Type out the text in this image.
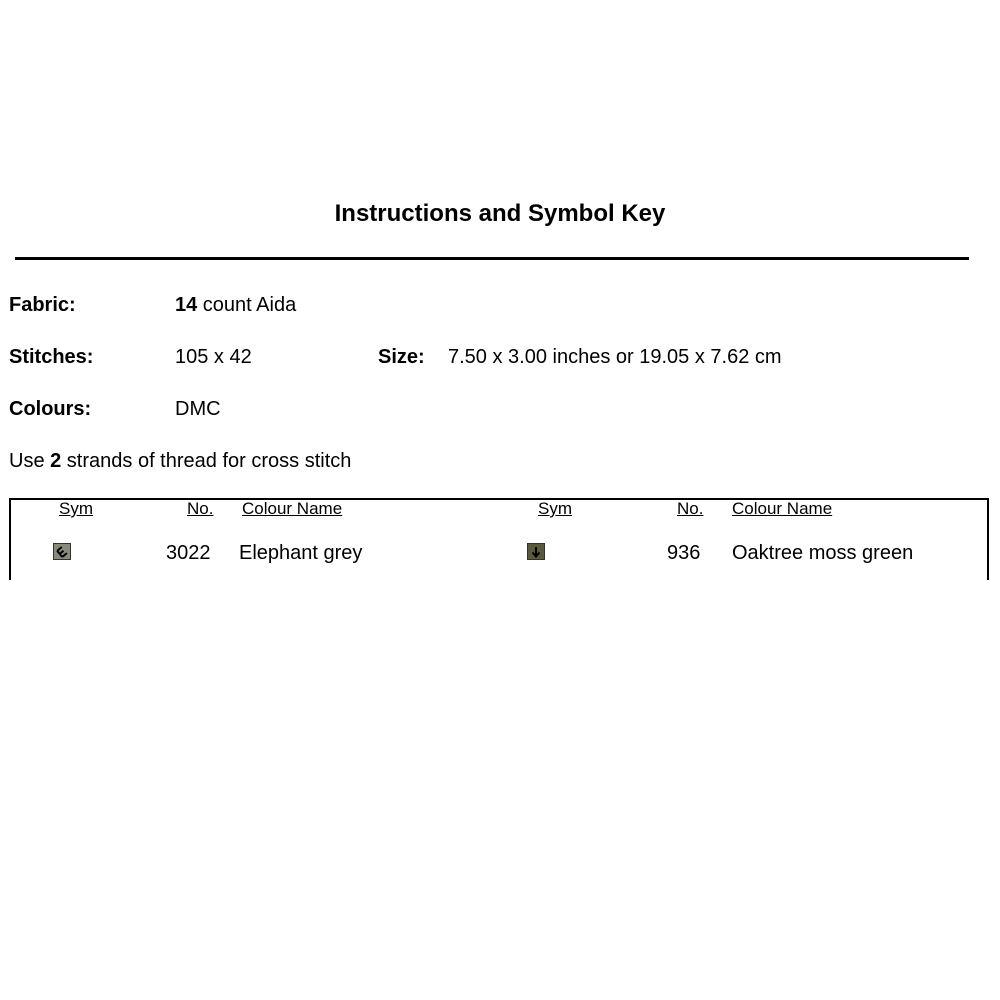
Instructions and Symbol Key
Fabric:	14 count Aida
Stitches:	105 x 42	Size: 7.50 x 3.00 inches or 19.05 x 7.62 cm
Colours:	DMC
Use 2 strands of thread for cross stitch
Sym	No. Colour Name	Sym	No. Colour Name
3022 Elephant grey	936 Oaktree moss green
